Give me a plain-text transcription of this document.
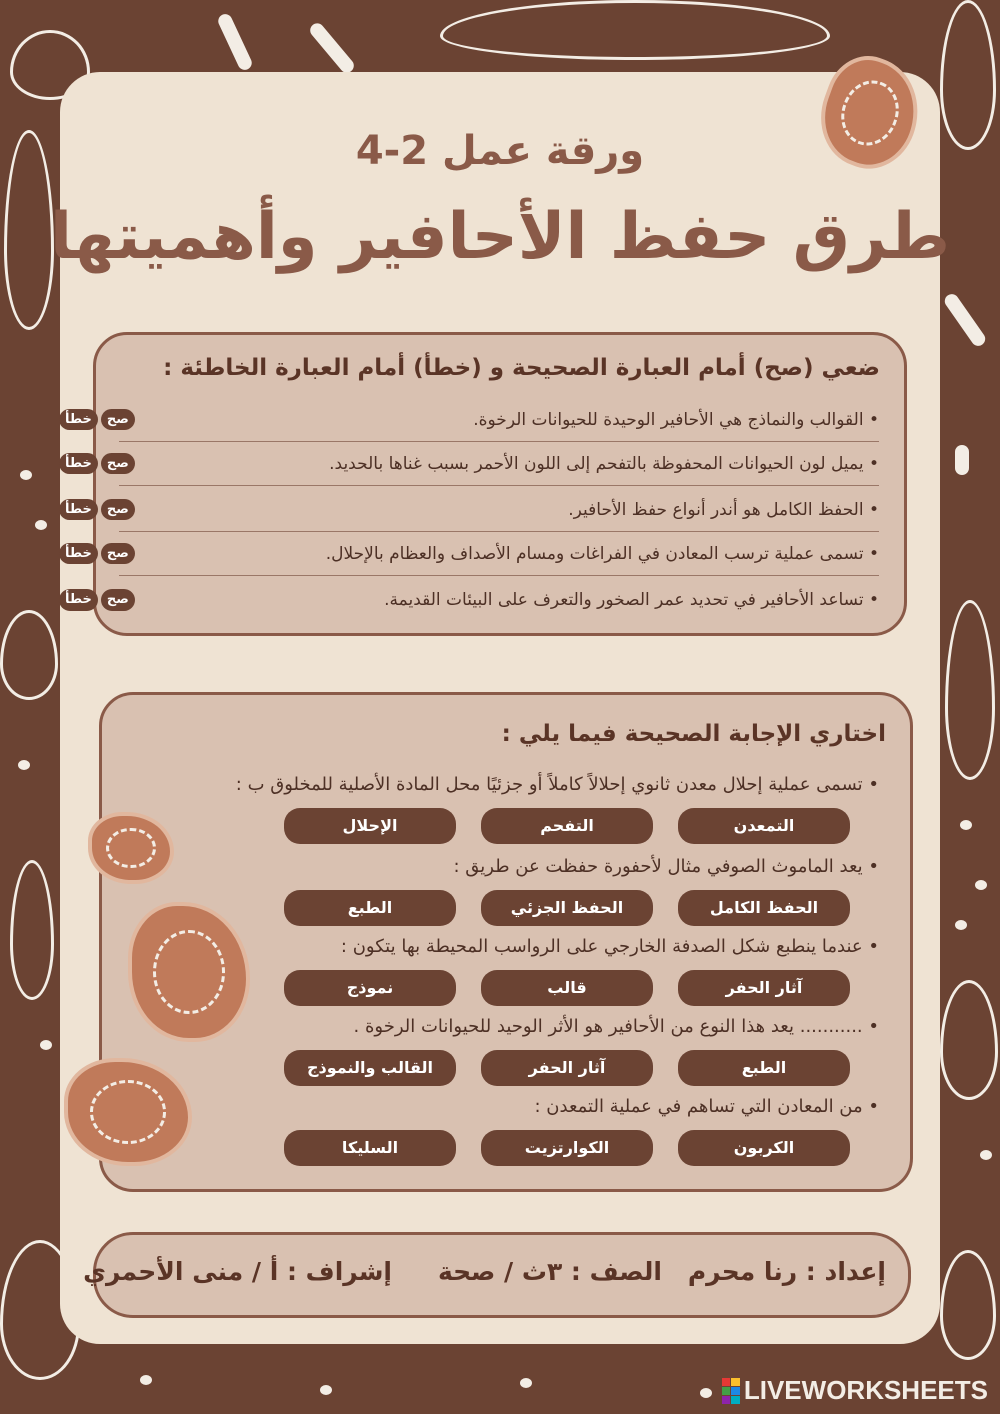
ورقة عمل 2-4
طرق حفظ الأحافير وأهميتها
ضعي (صح) أمام العبارة الصحيحة و (خطأ) أمام العبارة الخاطئة :
• القوالب والنماذج هي الأحافير الوحيدة للحيوانات الرخوة.
خطأ	صح
• يميل لون الحيوانات المحفوظة بالتفحم إلى اللون الأحمر بسبب غناها بالحديد.
خطأ	صح
• الحفظ الكامل هو أندر أنواع حفظ الأحافير.
خطأ	صح
• تسمى عملية ترسب المعادن في الفراغات ومسام الأصداف والعظام بالإحلال.
خطأ	صح
• تساعد الأحافير في تحديد عمر الصخور والتعرف على البيئات القديمة.
خطأ	صح
اختاري الإجابة الصحيحة فيما يلي :
• تسمى عملية إحلال معدن ثانوي إحلالاً كاملاً أو جزئيًا محل المادة الأصلية للمخلوق ب :
التمعدن
التفحم
الإحلال
• يعد الماموث الصوفي مثال لأحفورة حفظت عن طريق :
الحفظ الكامل
الحفظ الجزئي
الطبع
• عندما ينطبع شكل الصدفة الخارجي على الرواسب المحيطة بها يتكون :
آثار الحفر
قالب
نموذج
• ........... يعد هذا النوع من الأحافير هو الأثر الوحيد للحيوانات الرخوة .
الطبع
آثار الحفر
القالب والنموذج
• من المعادن التي تساهم في عملية التمعدن :
الكربون
الكوارتزيت
السليكا
إعداد : رنا محرم
الصف : ٣ث / صحة
إشراف : أ / منى الأحمري
LIVEWORKSHEETS
